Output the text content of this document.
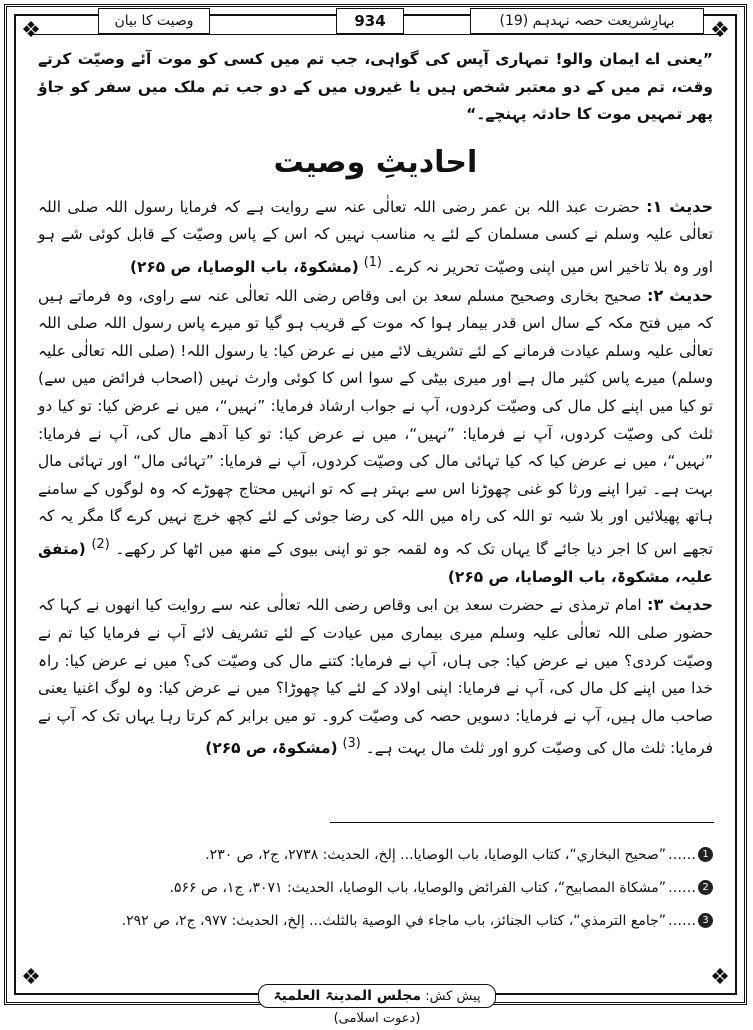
❖	❖
❖	❖
وصیت کا بیان	934	بہارِشریعت حصہ نہدہم (19)

”یعنی اے ایمان والو! تمہاری آپس کی گواہی، جب تم میں کسی کو موت آئے وصیّت کرتے وقت، تم میں کے دو معتبر شخص ہیں یا غیروں میں کے دو جب تم ملک میں سفر کو جاؤ پھر تمہیں موت کا حادثہ پہنچے۔“

احادیثِ وصیت

حدیث ۱: حضرت عبد اللہ بن عمر رضی اللہ تعالٰی عنہ سے روایت ہے کہ فرمایا رسول اللہ صلی اللہ تعالٰی علیہ وسلم نے کسی مسلمان کے لئے یہ مناسب نہیں کہ اس کے پاس وصیّت کے قابل کوئی شے ہو اور وہ بلا تاخیر اس میں اپنی وصیّت تحریر نہ کرے۔ $^{(1)}$ (مشکوۃ، باب الوصایا، ص ۲۶۵)

حدیث ۲: صحیح بخاری وصحیح مسلم سعد بن ابی وقاص رضی اللہ تعالٰی عنہ سے راوی، وہ فرماتے ہیں کہ میں فتح مکہ کے سال اس قدر بیمار ہوا کہ موت کے قریب ہو گیا تو میرے پاس رسول اللہ صلی اللہ تعالٰی علیہ وسلم عیادت فرمانے کے لئے تشریف لائے میں نے عرض کیا: یا رسول اللہ! (صلی اللہ تعالٰی علیہ وسلم) میرے پاس کثیر مال ہے اور میری بیٹی کے سوا اس کا کوئی وارث نہیں (اصحاب فرائض میں سے) تو کیا میں اپنے کل مال کی وصیّت کردوں، آپ نے جواب ارشاد فرمایا: ”نہیں“، میں نے عرض کیا: تو کیا دو ثلث کی وصیّت کردوں، آپ نے فرمایا: ”نہیں“، میں نے عرض کیا: تو کیا آدھے مال کی، آپ نے فرمایا: ”نہیں“، میں نے عرض کیا کہ کیا تہائی مال کی وصیّت کردوں، آپ نے فرمایا: ”تہائی مال“ اور تہائی مال بہت ہے۔ تیرا اپنے ورثا کو غنی چھوڑنا اس سے بہتر ہے کہ تو انہیں محتاج چھوڑے کہ وہ لوگوں کے سامنے ہاتھ پھیلائیں اور بلا شبہ تو اللہ کی راہ میں اللہ کی رضا جوئی کے لئے کچھ خرچ نہیں کرے گا مگر یہ کہ تجھے اس کا اجر دیا جائے گا یہاں تک کہ وہ لقمہ جو تو اپنی بیوی کے منھ میں اٹھا کر رکھے۔ $^{(2)}$ (متفق علیہ، مشکوۃ، باب الوصایا، ص ۲۶۵)

حدیث ۳: امام ترمذی نے حضرت سعد بن ابی وقاص رضی اللہ تعالٰی عنہ سے روایت کیا انھوں نے کہا کہ حضور صلی اللہ تعالٰی علیہ وسلم میری بیماری میں عیادت کے لئے تشریف لائے آپ نے فرمایا کیا تم نے وصیّت کردی؟ میں نے عرض کیا: جی ہاں، آپ نے فرمایا: کتنے مال کی وصیّت کی؟ میں نے عرض کیا: راہ خدا میں اپنے کل مال کی، آپ نے فرمایا: اپنی اولاد کے لئے کیا چھوڑا؟ میں نے عرض کیا: وہ لوگ اغنیا یعنی صاحب مال ہیں، آپ نے فرمایا: دسویں حصہ کی وصیّت کرو۔ تو میں برابر کم کرتا رہا یہاں تک کہ آپ نے فرمایا: ثلث مال کی وصیّت کرو اور ثلث مال بہت ہے۔ $^{(3)}$ (مشکوۃ، ص ۲۶۵)

1
……
”صحیح البخاري“، کتاب الوصایا، باب الوصایا... إلخ، الحدیث: ۲۷۳۸، ج۲، ص ۲۳۰.
2
……
”مشکاة المصابیح“، کتاب الفرائض والوصایا، باب الوصایا، الحدیث: ۳۰۷۱، ج۱، ص ۵۶۶.
3
……
”جامع الترمذي“، کتاب الجنائز، باب ماجاء في الوصیة بالثلث... إلخ، الحدیث: ۹۷۷، ج۲، ص ۲۹۲.
پیش کش: مجلس المدینۃ العلمیۃ (دعوت اسلامی)
